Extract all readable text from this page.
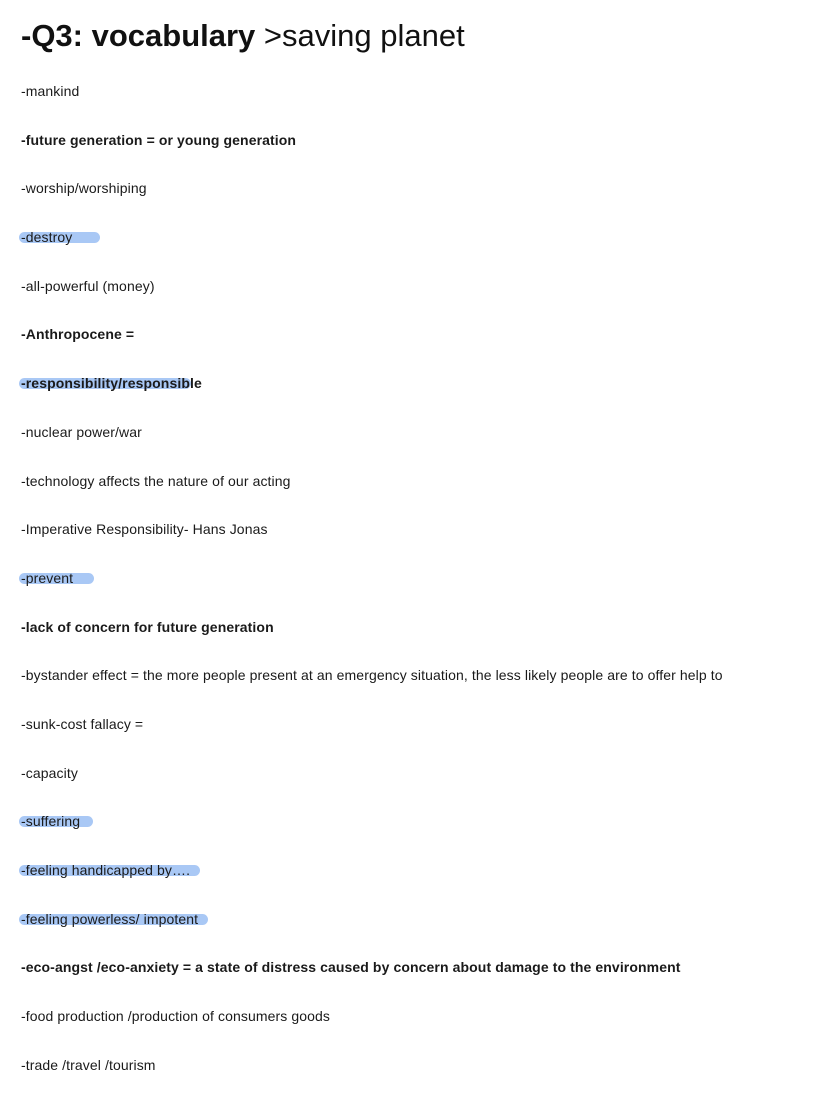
-Q3: vocabulary >saving planet
-mankind
-future generation = or young generation
-worship/worshiping
-destroy
-all-powerful (money)
-Anthropocene =
-responsibility/responsible
-nuclear power/war
-technology affects the nature of our acting
-Imperative Responsibility- Hans Jonas
-prevent
-lack of concern for future generation
-bystander effect = the more people present at an emergency situation, the less likely people are to offer help to
-sunk-cost fallacy =
-capacity
-suffering
-feeling handicapped by….
-feeling powerless/ impotent
-eco-angst /eco-anxiety = a state of distress caused by concern about damage to the environment
-food production /production of consumers goods
-trade /travel /tourism
